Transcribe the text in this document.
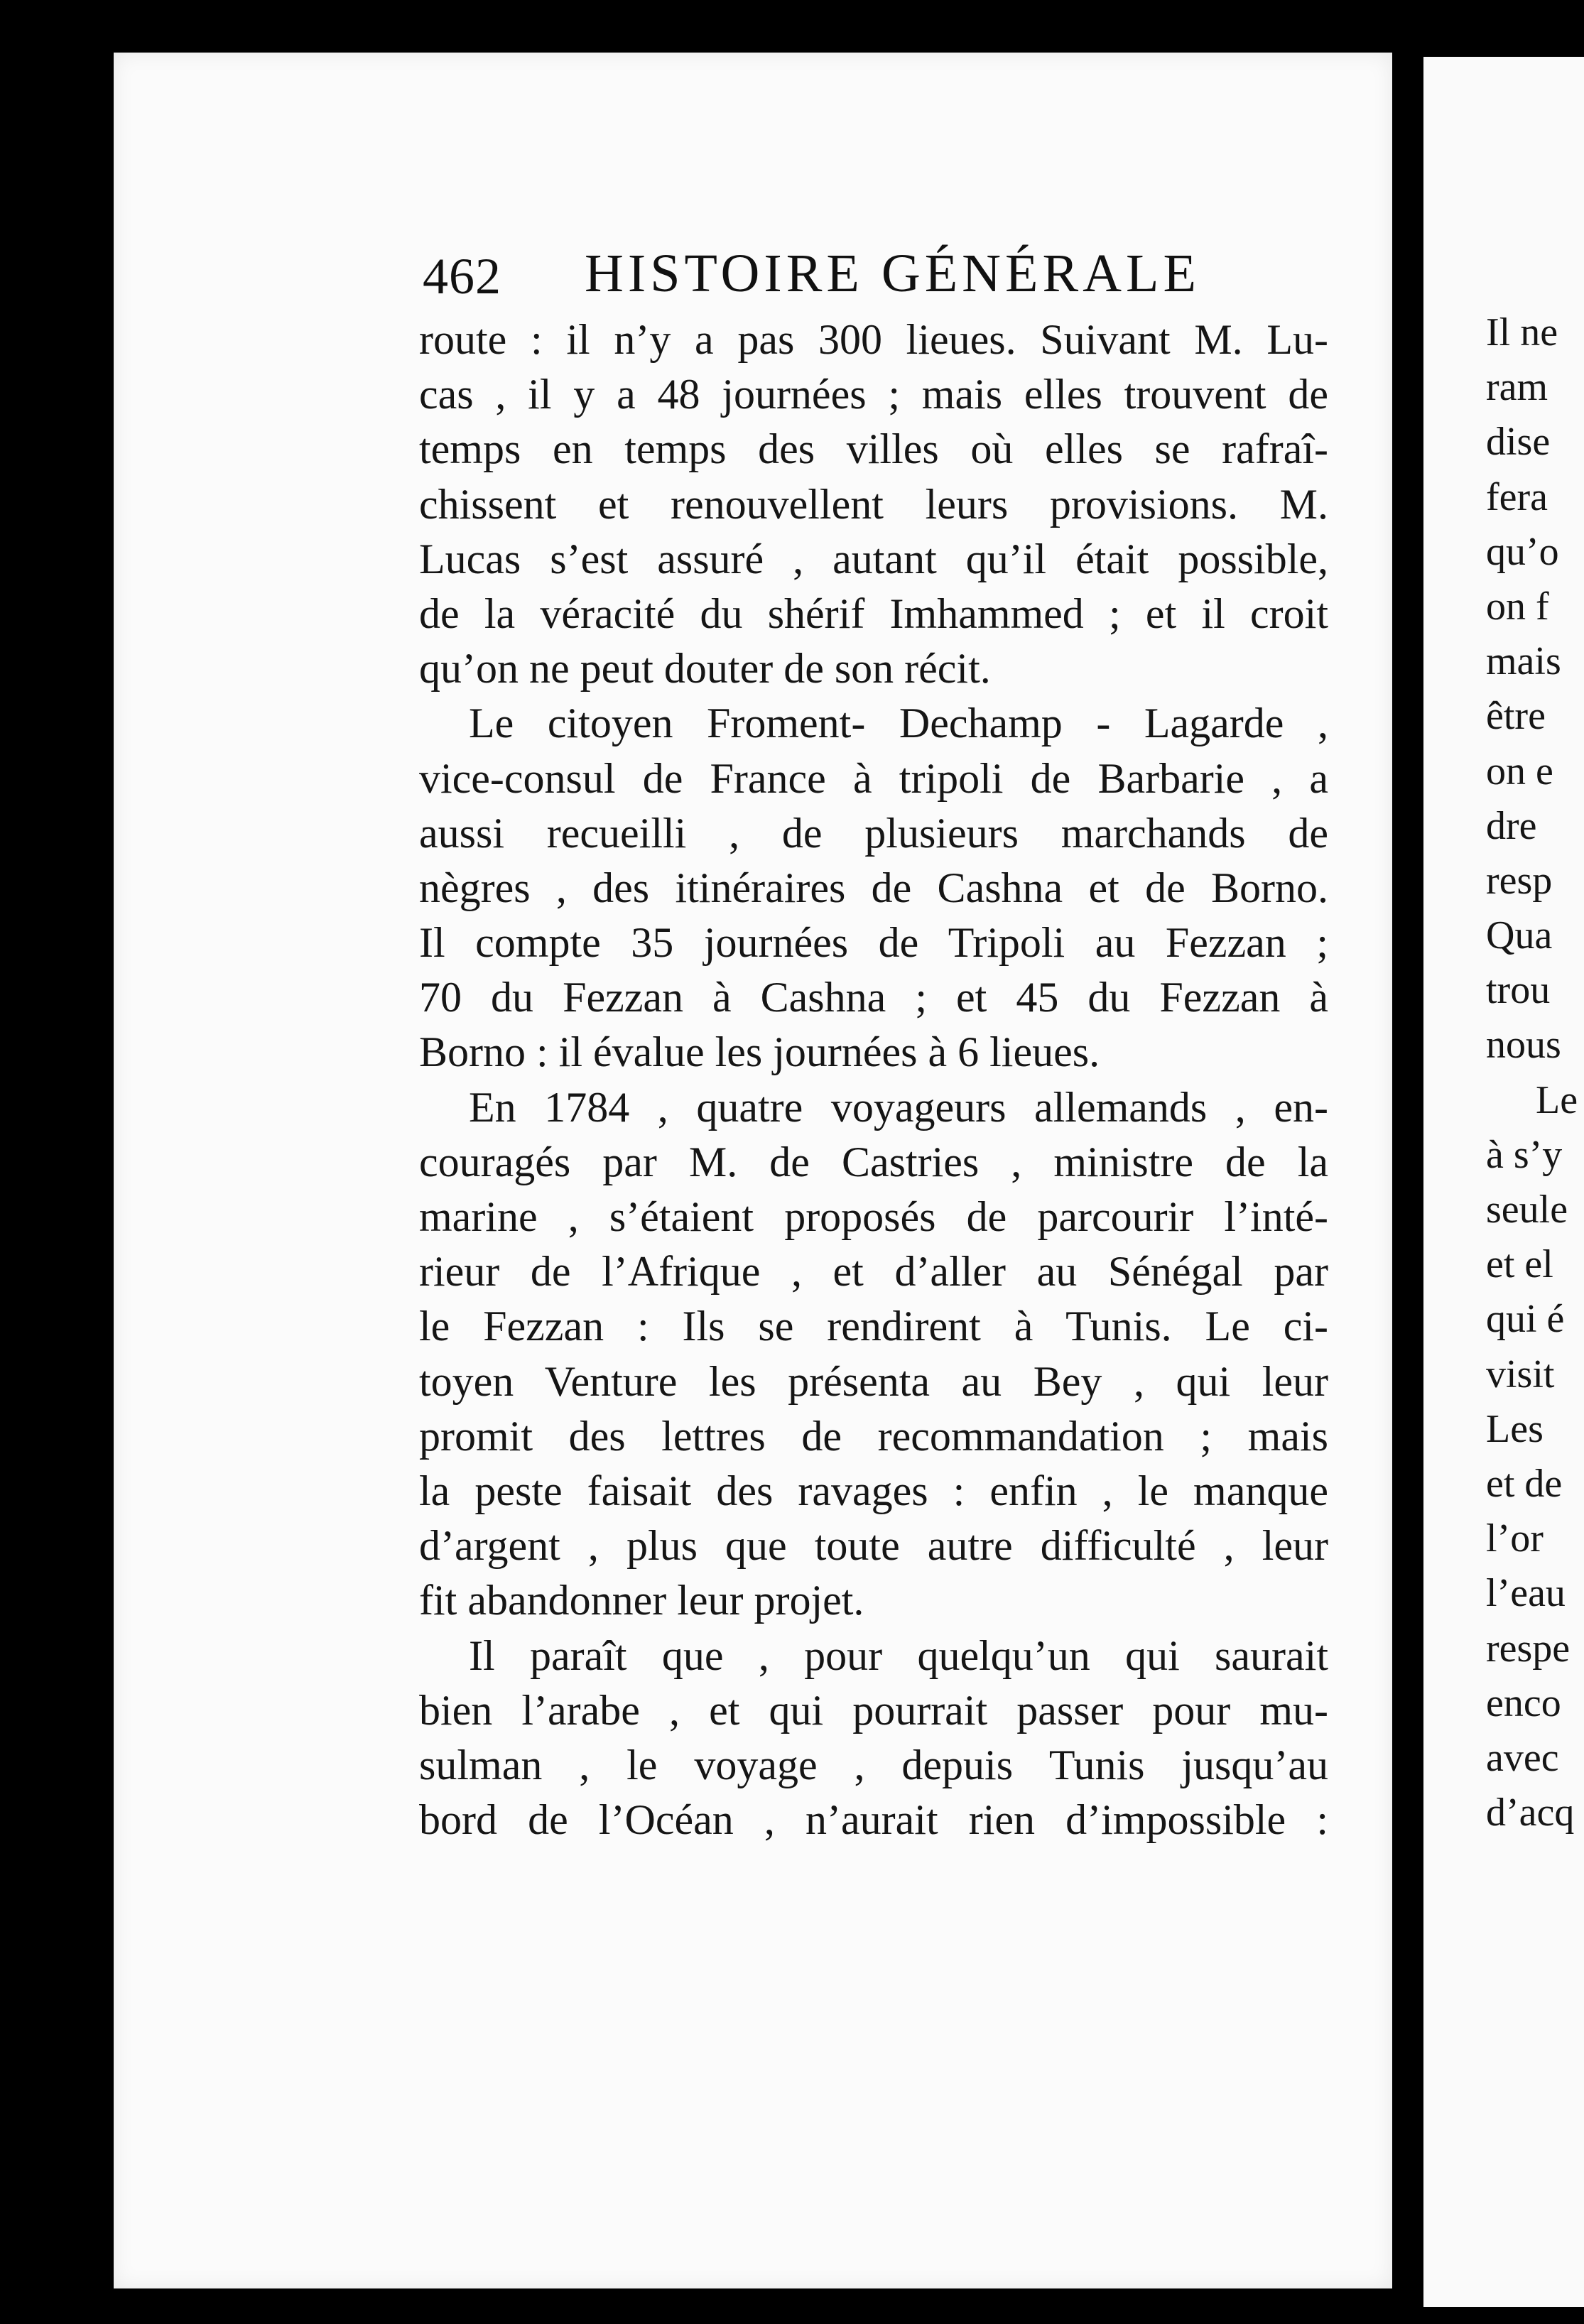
462 HISTOIRE GÉNÉRALE
route : il n’y a pas 300 lieues. Suivant M. Lu-
cas , il y a 48 journées ; mais elles trouvent de
temps en temps des villes où elles se rafraî-
chissent et renouvellent leurs provisions. M.
Lucas s’est assuré , autant qu’il était possible,
de la véracité du shérif Imhammed ; et il croit
qu’on ne peut douter de son récit.
Le citoyen Froment- Dechamp - Lagarde ,
vice-consul de France à tripoli de Barbarie , a
aussi recueilli , de plusieurs marchands de
nègres , des itinéraires de Cashna et de Borno.
Il compte 35 journées de Tripoli au Fezzan ;
70 du Fezzan à Cashna ; et 45 du Fezzan à
Borno : il évalue les journées à 6 lieues.
En 1784 , quatre voyageurs allemands , en-
couragés par M. de Castries , ministre de la
marine , s’étaient proposés de parcourir l’inté-
rieur de l’Afrique , et d’aller au Sénégal par
le Fezzan : Ils se rendirent à Tunis. Le ci-
toyen Venture les présenta au Bey , qui leur
promit des lettres de recommandation ; mais
la peste faisait des ravages : enfin , le manque
d’argent , plus que toute autre difficulté , leur
fit abandonner leur projet.
Il paraît que , pour quelqu’un qui saurait
bien l’arabe , et qui pourrait passer pour mu-
sulman , le voyage , depuis Tunis jusqu’au
bord de l’Océan , n’aurait rien d’impossible :
Il ne
ram
dise
fera
qu’o
on f
mais
être
on e
dre
resp
Qua
trou
nous
Le
à s’y
seule
et el
qui é
visit
Les
et de
l’or
l’eau
respe
enco
avec
d’acq
